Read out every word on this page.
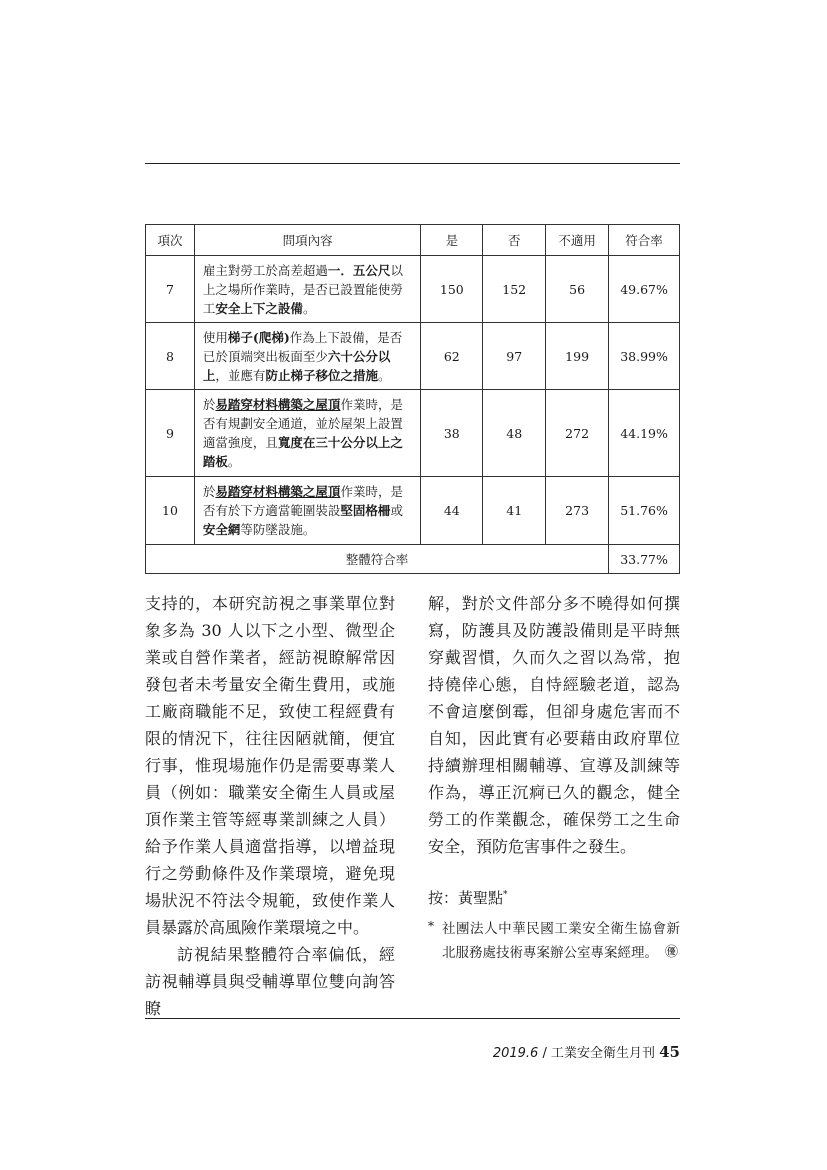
項次	問項內容	是	否	不適用	符合率
7	雇主對勞工於高差超過一．五公尺以上之場所作業時，是否已設置能使勞工安全上下之設備。	150	152	56	49.67%
8	使用梯子(爬梯)作為上下設備，是否已於頂端突出板面至少六十公分以上，並應有防止梯子移位之措施。	62	97	199	38.99%
9	於易踏穿材料構築之屋頂作業時，是否有規劃安全通道，並於屋架上設置適當強度，且寬度在三十公分以上之踏板。	38	48	272	44.19%
10	於易踏穿材料構築之屋頂作業時，是否有於下方適當範圍裝設堅固格柵或安全網等防墜設施。	44	41	273	51.76%
整體符合率					33.77%

支持的，本研究訪視之事業單位對象多為 30 人以下之小型、微型企業或自營作業者，經訪視瞭解常因發包者未考量安全衛生費用，或施工廠商職能不足，致使工程經費有限的情況下，往往因陋就簡，便宜行事，惟現場施作仍是需要專業人員（例如：職業安全衛生人員或屋頂作業主管等經專業訓練之人員）給予作業人員適當指導，以增益現行之勞動條件及作業環境，避免現場狀況不符法令規範，致使作業人員暴露於高風險作業環境之中。

訪視結果整體符合率偏低，經訪視輔導員與受輔導單位雙向詢答瞭

解，對於文件部分多不曉得如何撰寫，防護具及防護設備則是平時無穿戴習慣，久而久之習以為常，抱持僥倖心態，自恃經驗老道，認為不會這麼倒霉，但卻身處危害而不自知，因此實有必要藉由政府單位持續辦理相關輔導、宣導及訓練等作為，導正沉痾已久的觀念，健全勞工的作業觀念，確保勞工之生命安全，預防危害事件之發生。

按：黃聖點*
* 社團法人中華民國工業安全衛生協會新北服務處技術專案辦公室專案經理。 ㊝
2019.6 / 工業安全衛生月刊 45
